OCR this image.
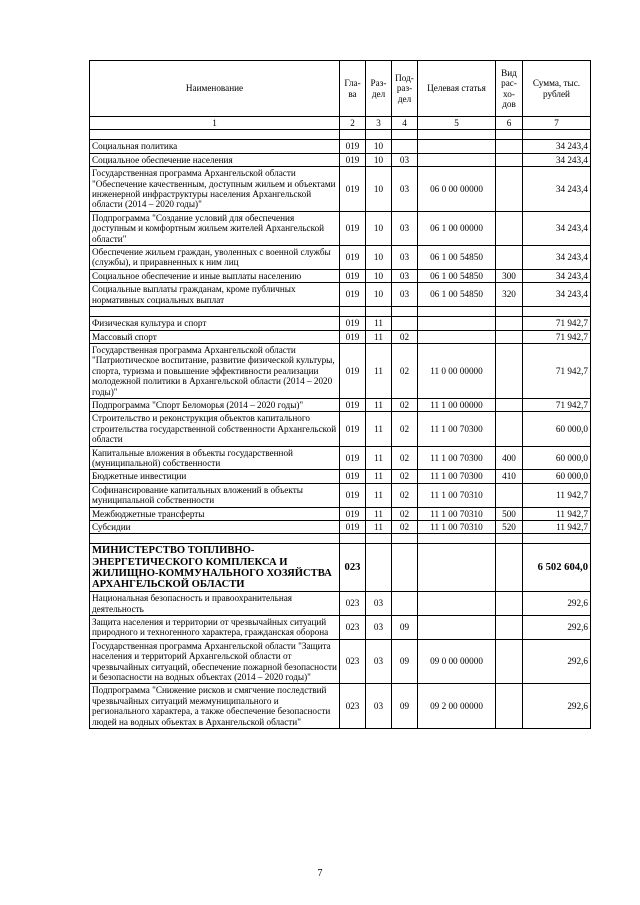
Наименование	Гла-ва	Раз-дел	Под-раз-дел	Целевая статья	Вид рас-хо-дов	Сумма, тыс. рублей
1	2	3	4	5	6	7

Социальная политика	019	10				34 243,4
Социальное обеспечение населения	019	10	03			34 243,4
Государственная программа Архангельской области "Обеспечение качественным, доступным жильем и объектами инженерной инфраструктуры населения Архангельской области (2014 – 2020 годы)"	019	10	03	06 0 00 00000		34 243,4
Подпрограмма "Создание условий для обеспечения доступным и комфортным жильем жителей Архангельской области"	019	10	03	06 1 00 00000		34 243,4
Обеспечение жильем граждан, уволенных с военной службы (службы), и приравненных к ним лиц	019	10	03	06 1 00 54850		34 243,4
Социальное обеспечение и иные выплаты населению	019	10	03	06 1 00 54850	300	34 243,4
Социальные выплаты гражданам, кроме публичных нормативных социальных выплат	019	10	03	06 1 00 54850	320	34 243,4

Физическая культура и спорт	019	11				71 942,7
Массовый спорт	019	11	02			71 942,7
Государственная программа Архангельской области "Патриотическое воспитание, развитие физической культуры, спорта, туризма и повышение эффективности реализации молодежной политики в Архангельской области (2014 – 2020 годы)"	019	11	02	11 0 00 00000		71 942,7
Подпрограмма "Спорт Беломорья (2014 – 2020 годы)"	019	11	02	11 1 00 00000		71 942,7
Строительство и реконструкция объектов капитального строительства государственной собственности Архангельской области	019	11	02	11 1 00 70300		60 000,0
Капитальные вложения в объекты государственной (муниципальной) собственности	019	11	02	11 1 00 70300	400	60 000,0
Бюджетные инвестиции	019	11	02	11 1 00 70300	410	60 000,0
Софинансирование капитальных вложений в объекты муниципальной собственности	019	11	02	11 1 00 70310		11 942,7
Межбюджетные трансферты	019	11	02	11 1 00 70310	500	11 942,7
Субсидии	019	11	02	11 1 00 70310	520	11 942,7

МИНИСТЕРСТВО ТОПЛИВНО-ЭНЕРГЕТИЧЕСКОГО КОМПЛЕКСА И ЖИЛИЩНО-КОММУНАЛЬНОГО ХОЗЯЙСТВА АРХАНГЕЛЬСКОЙ ОБЛАСТИ	023					6 502 604,0
Национальная безопасность и правоохранительная деятельность	023	03				292,6
Защита населения и территории от чрезвычайных ситуаций природного и техногенного характера, гражданская оборона	023	03	09			292,6
Государственная программа Архангельской области "Защита населения и территорий Архангельской области от чрезвычайных ситуаций, обеспечение пожарной безопасности и безопасности на водных объектах (2014 – 2020 годы)"	023	03	09	09 0 00 00000		292,6
Подпрограмма "Снижение рисков и смягчение последствий чрезвычайных ситуаций межмуниципального и регионального характера, а также обеспечение безопасности людей на водных объектах в Архангельской области"	023	03	09	09 2 00 00000		292,6
7
